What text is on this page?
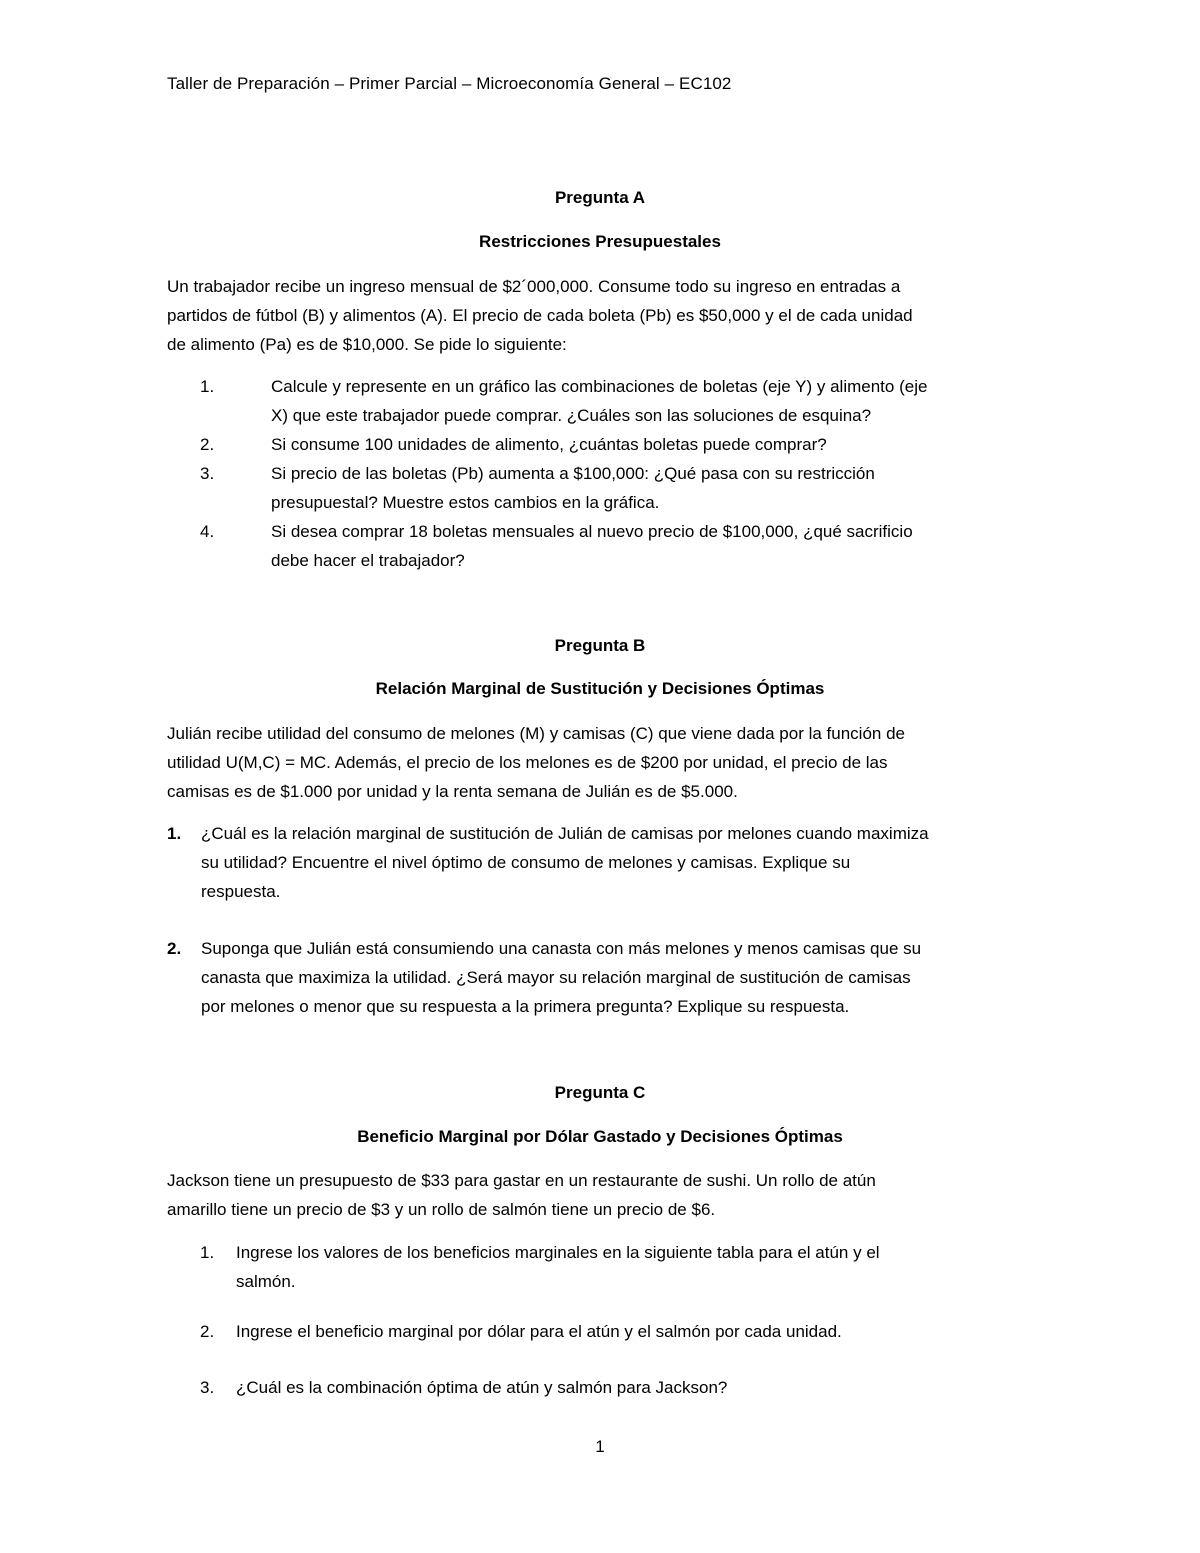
Taller de Preparación – Primer Parcial – Microeconomía General – EC102
Pregunta A
Restricciones Presupuestales
Un trabajador recibe un ingreso mensual de $2´000,000. Consume todo su ingreso en entradas a
partidos de fútbol (B) y alimentos (A). El precio de cada boleta (Pb) es $50,000 y el de cada unidad
de alimento (Pa) es de $10,000. Se pide lo siguiente:
1.	Calcule y represente en un gráfico las combinaciones de boletas (eje Y) y alimento (eje
X) que este trabajador puede comprar. ¿Cuáles son las soluciones de esquina?
2.	Si consume 100 unidades de alimento, ¿cuántas boletas puede comprar?
3.	Si precio de las boletas (Pb) aumenta a $100,000: ¿Qué pasa con su restricción
presupuestal? Muestre estos cambios en la gráfica.
4.	Si desea comprar 18 boletas mensuales al nuevo precio de $100,000, ¿qué sacrificio
debe hacer el trabajador?
Pregunta B
Relación Marginal de Sustitución y Decisiones Óptimas
Julián recibe utilidad del consumo de melones (M) y camisas (C) que viene dada por la función de
utilidad U(M,C) = MC. Además, el precio de los melones es de $200 por unidad, el precio de las
camisas es de $1.000 por unidad y la renta semana de Julián es de $5.000.
1. ¿Cuál es la relación marginal de sustitución de Julián de camisas por melones cuando maximiza
su utilidad? Encuentre el nivel óptimo de consumo de melones y camisas. Explique su
respuesta.
2. Suponga que Julián está consumiendo una canasta con más melones y menos camisas que su
canasta que maximiza la utilidad. ¿Será mayor su relación marginal de sustitución de camisas
por melones o menor que su respuesta a la primera pregunta? Explique su respuesta.
Pregunta C
Beneficio Marginal por Dólar Gastado y Decisiones Óptimas
Jackson tiene un presupuesto de $33 para gastar en un restaurante de sushi. Un rollo de atún
amarillo tiene un precio de $3 y un rollo de salmón tiene un precio de $6.
1. Ingrese los valores de los beneficios marginales en la siguiente tabla para el atún y el
salmón.
2. Ingrese el beneficio marginal por dólar para el atún y el salmón por cada unidad.
3. ¿Cuál es la combinación óptima de atún y salmón para Jackson?
1
